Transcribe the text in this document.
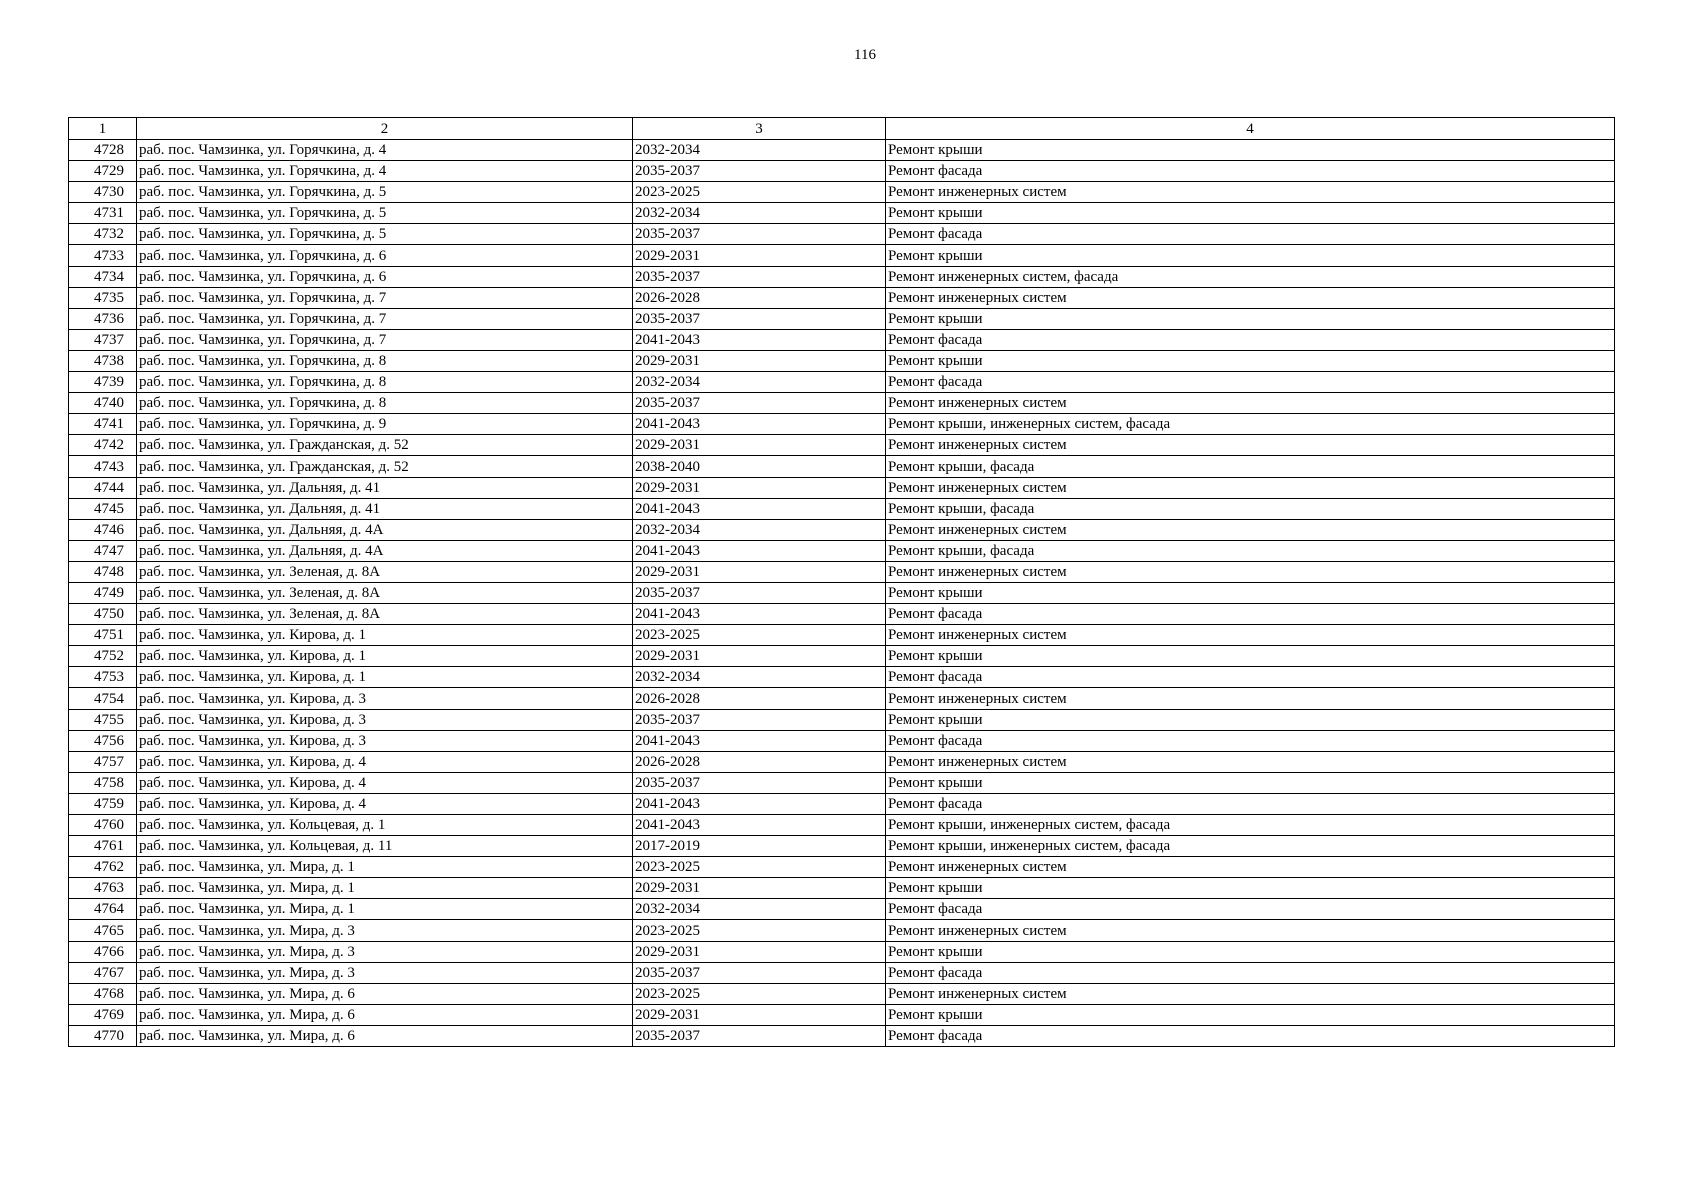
116
1	2	3	4
4728	раб. пос. Чамзинка, ул. Горячкина, д. 4	2032-2034	Ремонт крыши
4729	раб. пос. Чамзинка, ул. Горячкина, д. 4	2035-2037	Ремонт фасада
4730	раб. пос. Чамзинка, ул. Горячкина, д. 5	2023-2025	Ремонт инженерных систем
4731	раб. пос. Чамзинка, ул. Горячкина, д. 5	2032-2034	Ремонт крыши
4732	раб. пос. Чамзинка, ул. Горячкина, д. 5	2035-2037	Ремонт фасада
4733	раб. пос. Чамзинка, ул. Горячкина, д. 6	2029-2031	Ремонт крыши
4734	раб. пос. Чамзинка, ул. Горячкина, д. 6	2035-2037	Ремонт инженерных систем, фасада
4735	раб. пос. Чамзинка, ул. Горячкина, д. 7	2026-2028	Ремонт инженерных систем
4736	раб. пос. Чамзинка, ул. Горячкина, д. 7	2035-2037	Ремонт крыши
4737	раб. пос. Чамзинка, ул. Горячкина, д. 7	2041-2043	Ремонт фасада
4738	раб. пос. Чамзинка, ул. Горячкина, д. 8	2029-2031	Ремонт крыши
4739	раб. пос. Чамзинка, ул. Горячкина, д. 8	2032-2034	Ремонт фасада
4740	раб. пос. Чамзинка, ул. Горячкина, д. 8	2035-2037	Ремонт инженерных систем
4741	раб. пос. Чамзинка, ул. Горячкина, д. 9	2041-2043	Ремонт крыши, инженерных систем, фасада
4742	раб. пос. Чамзинка, ул. Гражданская, д. 52	2029-2031	Ремонт инженерных систем
4743	раб. пос. Чамзинка, ул. Гражданская, д. 52	2038-2040	Ремонт крыши, фасада
4744	раб. пос. Чамзинка, ул. Дальняя, д. 41	2029-2031	Ремонт инженерных систем
4745	раб. пос. Чамзинка, ул. Дальняя, д. 41	2041-2043	Ремонт крыши, фасада
4746	раб. пос. Чамзинка, ул. Дальняя, д. 4А	2032-2034	Ремонт инженерных систем
4747	раб. пос. Чамзинка, ул. Дальняя, д. 4А	2041-2043	Ремонт крыши, фасада
4748	раб. пос. Чамзинка, ул. Зеленая, д. 8А	2029-2031	Ремонт инженерных систем
4749	раб. пос. Чамзинка, ул. Зеленая, д. 8А	2035-2037	Ремонт крыши
4750	раб. пос. Чамзинка, ул. Зеленая, д. 8А	2041-2043	Ремонт фасада
4751	раб. пос. Чамзинка, ул. Кирова, д. 1	2023-2025	Ремонт инженерных систем
4752	раб. пос. Чамзинка, ул. Кирова, д. 1	2029-2031	Ремонт крыши
4753	раб. пос. Чамзинка, ул. Кирова, д. 1	2032-2034	Ремонт фасада
4754	раб. пос. Чамзинка, ул. Кирова, д. 3	2026-2028	Ремонт инженерных систем
4755	раб. пос. Чамзинка, ул. Кирова, д. 3	2035-2037	Ремонт крыши
4756	раб. пос. Чамзинка, ул. Кирова, д. 3	2041-2043	Ремонт фасада
4757	раб. пос. Чамзинка, ул. Кирова, д. 4	2026-2028	Ремонт инженерных систем
4758	раб. пос. Чамзинка, ул. Кирова, д. 4	2035-2037	Ремонт крыши
4759	раб. пос. Чамзинка, ул. Кирова, д. 4	2041-2043	Ремонт фасада
4760	раб. пос. Чамзинка, ул. Кольцевая, д. 1	2041-2043	Ремонт крыши, инженерных систем, фасада
4761	раб. пос. Чамзинка, ул. Кольцевая, д. 11	2017-2019	Ремонт крыши, инженерных систем, фасада
4762	раб. пос. Чамзинка, ул. Мира, д. 1	2023-2025	Ремонт инженерных систем
4763	раб. пос. Чамзинка, ул. Мира, д. 1	2029-2031	Ремонт крыши
4764	раб. пос. Чамзинка, ул. Мира, д. 1	2032-2034	Ремонт фасада
4765	раб. пос. Чамзинка, ул. Мира, д. 3	2023-2025	Ремонт инженерных систем
4766	раб. пос. Чамзинка, ул. Мира, д. 3	2029-2031	Ремонт крыши
4767	раб. пос. Чамзинка, ул. Мира, д. 3	2035-2037	Ремонт фасада
4768	раб. пос. Чамзинка, ул. Мира, д. 6	2023-2025	Ремонт инженерных систем
4769	раб. пос. Чамзинка, ул. Мира, д. 6	2029-2031	Ремонт крыши
4770	раб. пос. Чамзинка, ул. Мира, д. 6	2035-2037	Ремонт фасада
